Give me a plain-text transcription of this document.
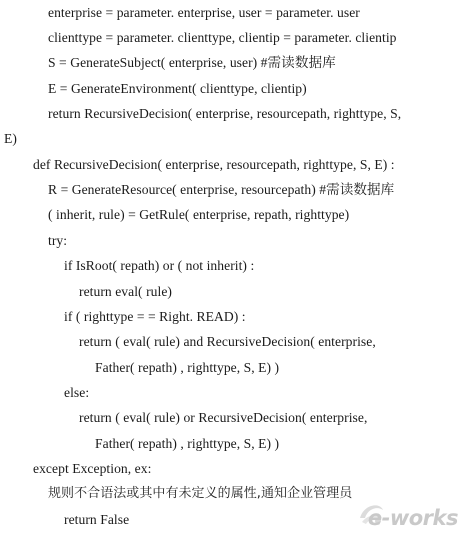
enterprise = parameter. enterprise, user = parameter. user
clienttype = parameter. clienttype, clientip = parameter. clientip
S = GenerateSubject( enterprise, user) #需读数据库
E = GenerateEnvironment( clienttype, clientip)
return RecursiveDecision( enterprise, resourcepath, righttype, S,
E)
def RecursiveDecision( enterprise, resourcepath, righttype, S, E) :
R = GenerateResource( enterprise, resourcepath) #需读数据库
( inherit, rule) = GetRule( enterprise, repath, righttype)
try:
if IsRoot( repath) or ( not inherit) :
return eval( rule)
if ( righttype = = Right. READ) :
return ( eval( rule) and RecursiveDecision( enterprise,
Father( repath) , righttype, S, E) )
else:
return ( eval( rule) or RecursiveDecision( enterprise,
Father( repath) , righttype, S, E) )
except Exception, ex:
规则不合语法或其中有未定义的属性,通知企业管理员
return False	e-works
